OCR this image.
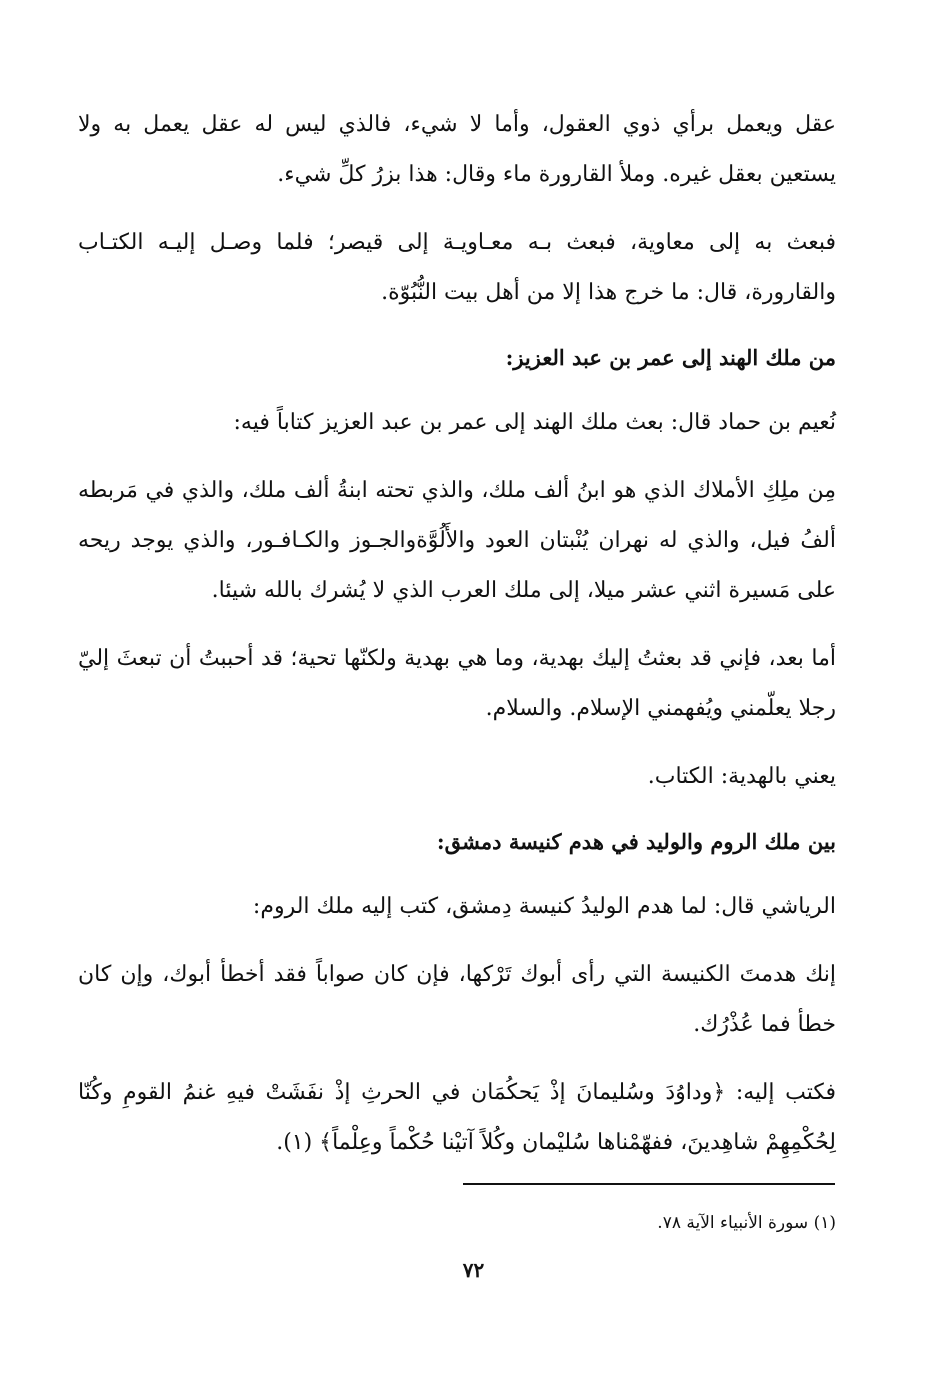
عقل ويعمل برأي ذوي العقول، وأما لا شيء، فالذي ليس له عقل يعمل به ولا يستعين بعقل غيره. وملأ القارورة ماء وقال: هذا بزرُ كلِّ شيء.

فبعث به إلى معاوية، فبعث بـه معـاويـة إلى قيصر؛ فلما وصـل إليـه الكتـاب والقارورة، قال: ما خرج هذا إلا من أهل بيت النُّبُوّة.

من ملك الهند إلى عمر بن عبد العزيز:

نُعيم بن حماد قال: بعث ملك الهند إلى عمر بن عبد العزيز كتاباً فيه:

مِن ملِكِ الأملاك الذي هو ابنُ ألف ملك، والذي تحته ابنةُ ألف ملك، والذي في مَربطه ألفُ فيل، والذي له نهران يُنْبتان العود والأَلُوَّةوالجـوز والكـافـور، والذي يوجد ريحه على مَسيرة اثني عشر ميلا، إلى ملك العرب الذي لا يُشرك بالله شيئا.

أما بعد، فإني قد بعثتُ إليك بهدية، وما هي بهدية ولكنّها تحية؛ قد أحببتُ أن تبعثَ إليّ رجلا يعلّمني ويُفهمني الإسلام. والسلام.

يعني بالهدية: الكتاب.

بين ملك الروم والوليد في هدم كنيسة دمشق:

الرياشي قال: لما هدم الوليدُ كنيسة دِمشق، كتب إليه ملك الروم:

إنك هدمتَ الكنيسة التي رأى أبوك تَرْكها، فإن كان صواباً فقد أخطأ أبوك، وإن كان خطأ فما عُذْرُك.

فكتب إليه: ﴿وداوُدَ وسُليمانَ إذْ يَحكُمَان في الحرثِ إذْ نفَشَتْ فيهِ غنمُ القومِ وكُنّا لِحُكْمِهِمْ شاهِدينَ، ففهّمْناها سُليْمان وكُلاً آتيْنا حُكْماً وعِلْماً﴾ (١).

(١) سورة الأنبياء الآية ٧٨.
٧٢
